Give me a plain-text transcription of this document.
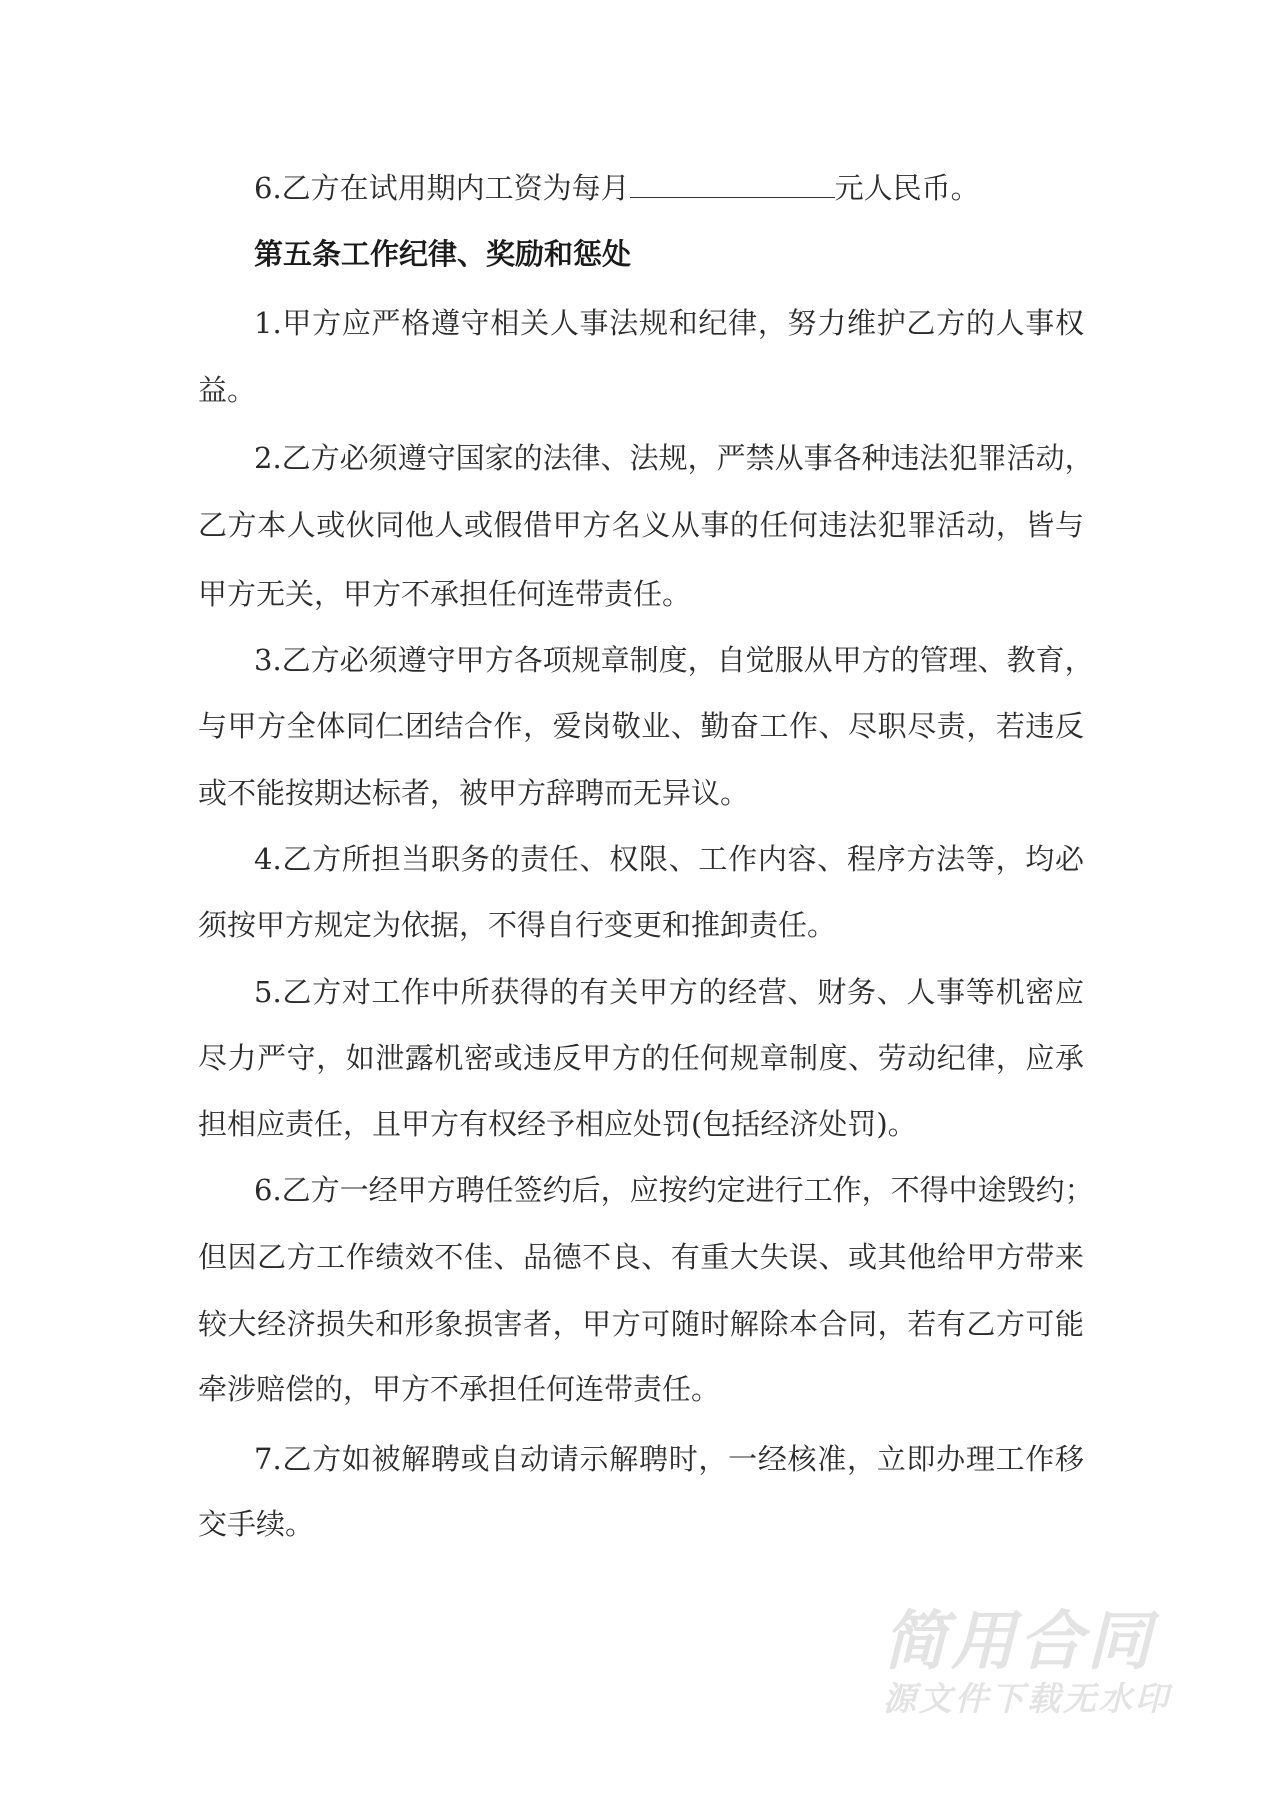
6.乙方在试用期内工资为每月	元人民币。
第五条工作纪律、奖励和惩处
1.甲方应严格遵守相关人事法规和纪律，努力维护乙方的人事权
益。
2.乙方必须遵守国家的法律、法规，严禁从事各种违法犯罪活动，
乙方本人或伙同他人或假借甲方名义从事的任何违法犯罪活动，皆与
甲方无关，甲方不承担任何连带责任。
3.乙方必须遵守甲方各项规章制度，自觉服从甲方的管理、教育，
与甲方全体同仁团结合作，爱岗敬业、勤奋工作、尽职尽责，若违反
或不能按期达标者，被甲方辞聘而无异议。
4.乙方所担当职务的责任、权限、工作内容、程序方法等，均必
须按甲方规定为依据，不得自行变更和推卸责任。
5.乙方对工作中所获得的有关甲方的经营、财务、人事等机密应
尽力严守，如泄露机密或违反甲方的任何规章制度、劳动纪律，应承
担相应责任，且甲方有权经予相应处罚(包括经济处罚)。
6.乙方一经甲方聘任签约后，应按约定进行工作，不得中途毁约；
但因乙方工作绩效不佳、品德不良、有重大失误、或其他给甲方带来
较大经济损失和形象损害者，甲方可随时解除本合同，若有乙方可能
牵涉赔偿的，甲方不承担任何连带责任。
7.乙方如被解聘或自动请示解聘时，一经核准，立即办理工作移
交手续。
简用合同
源文件下载无水印
